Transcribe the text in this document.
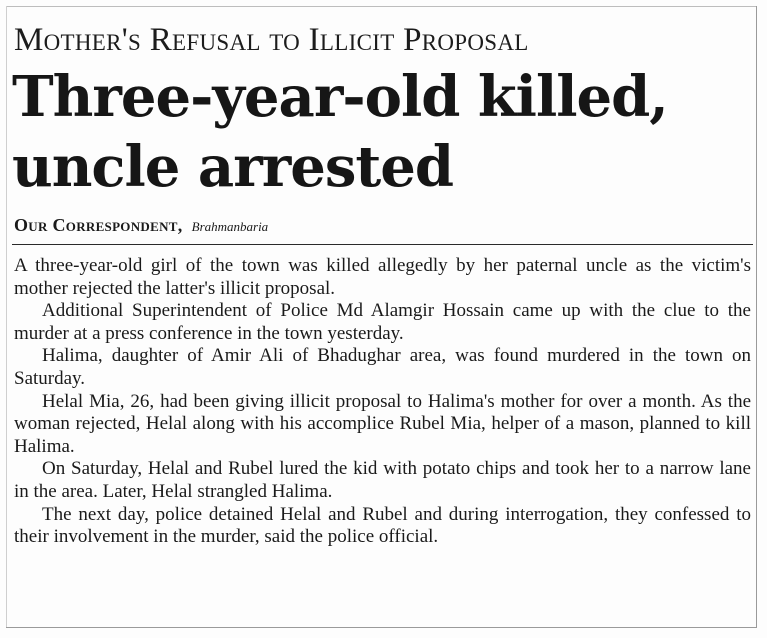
Mother's Refusal to Illicit Proposal
Three-year-old killed, uncle arrested
Our Correspondent, Brahmanbaria

A three-year-old girl of the town was killed allegedly by her paternal uncle as the victim's mother rejected the latter's illicit proposal.

Additional Superintendent of Police Md Alamgir Hossain came up with the clue to the murder at a press conference in the town yesterday.

Halima, daughter of Amir Ali of Bhadughar area, was found murdered in the town on Saturday.

Helal Mia, 26, had been giving illicit proposal to Halima's mother for over a month. As the woman rejected, Helal along with his accomplice Rubel Mia, helper of a mason, planned to kill Halima.

On Saturday, Helal and Rubel lured the kid with potato chips and took her to a narrow lane in the area. Later, Helal strangled Halima.

The next day, police detained Helal and Rubel and during interrogation, they confessed to their involvement in the murder, said the police official.
